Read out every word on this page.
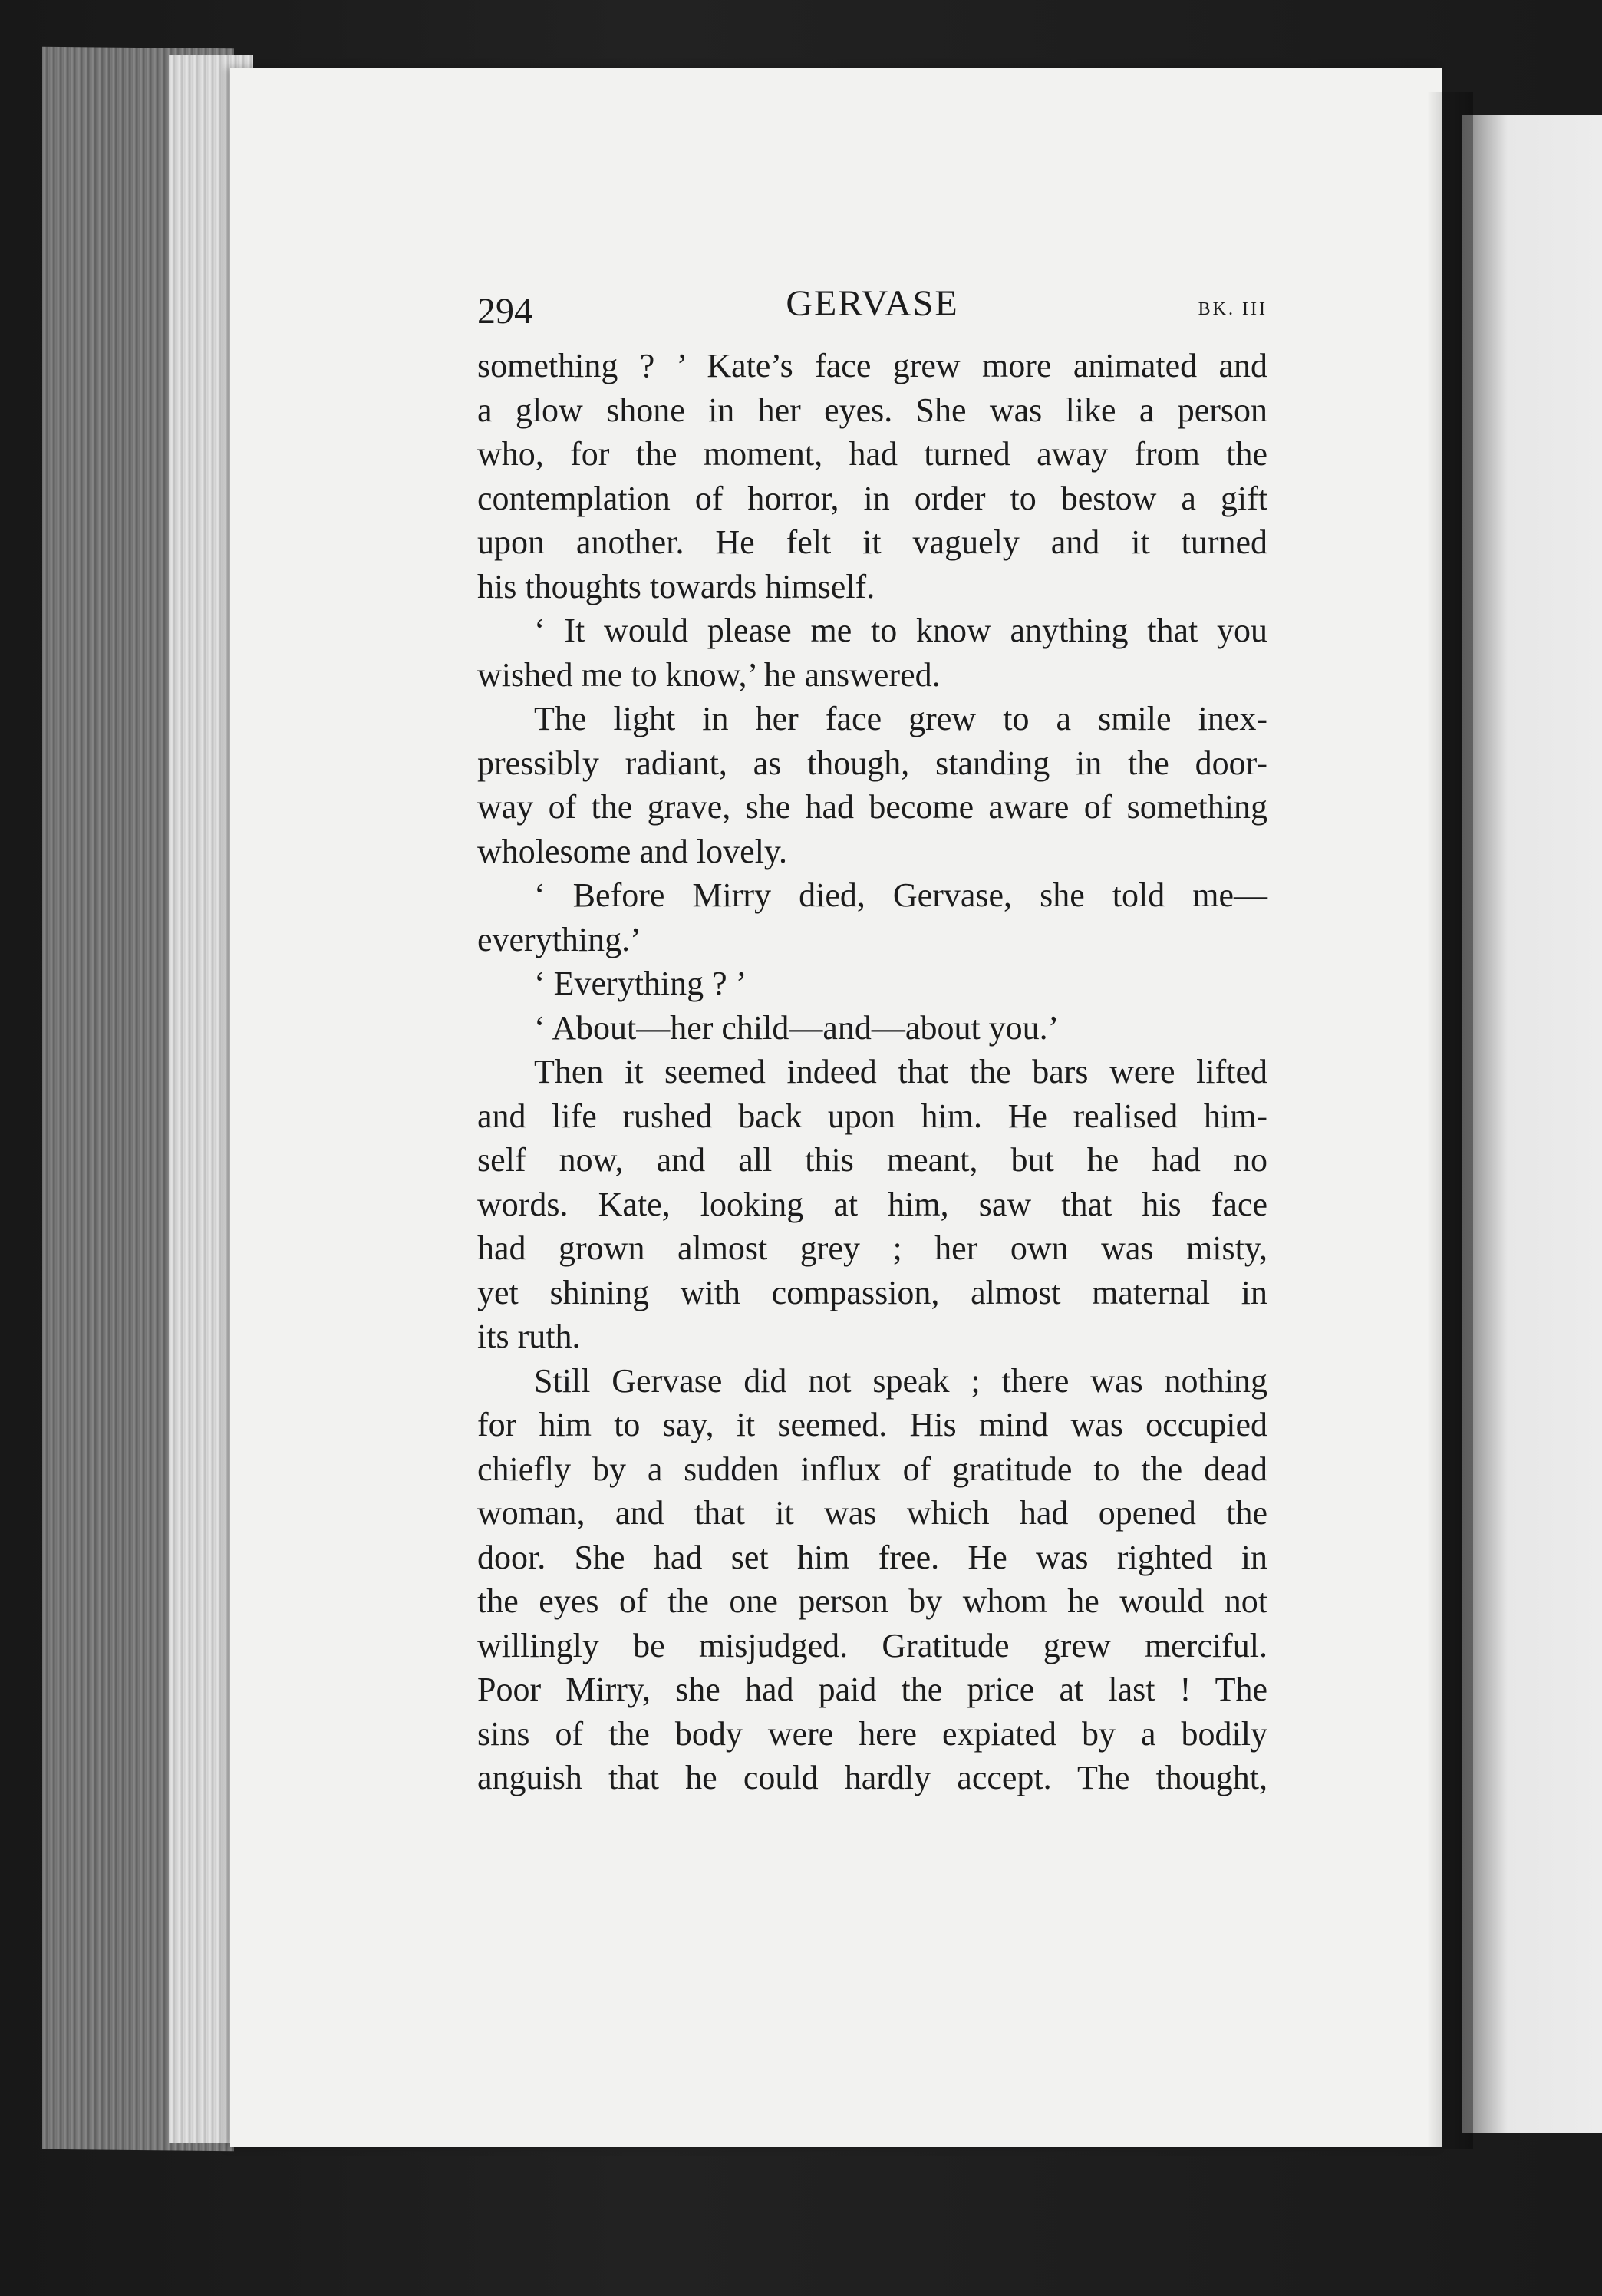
294	GERVASE	BK. III
something ? ’ Kate’s face grew more animated and
a glow shone in her eyes. She was like a person
who, for the moment, had turned away from the
contemplation of horror, in order to bestow a gift
upon another. He felt it vaguely and it turned
his thoughts towards himself.
‘ It would please me to know anything that you
wished me to know,’ he answered.
The light in her face grew to a smile inex-
pressibly radiant, as though, standing in the door-
way of the grave, she had become aware of something
wholesome and lovely.
‘ Before Mirry died, Gervase, she told me—
everything.’
‘ Everything ? ’
‘ About—her child—and—about you.’
Then it seemed indeed that the bars were lifted
and life rushed back upon him. He realised him-
self now, and all this meant, but he had no
words. Kate, looking at him, saw that his face
had grown almost grey ; her own was misty,
yet shining with compassion, almost maternal in
its ruth.
Still Gervase did not speak ; there was nothing
for him to say, it seemed. His mind was occupied
chiefly by a sudden influx of gratitude to the dead
woman, and that it was which had opened the
door. She had set him free. He was righted in
the eyes of the one person by whom he would not
willingly be misjudged. Gratitude grew merciful.
Poor Mirry, she had paid the price at last ! The
sins of the body were here expiated by a bodily
anguish that he could hardly accept. The thought,
